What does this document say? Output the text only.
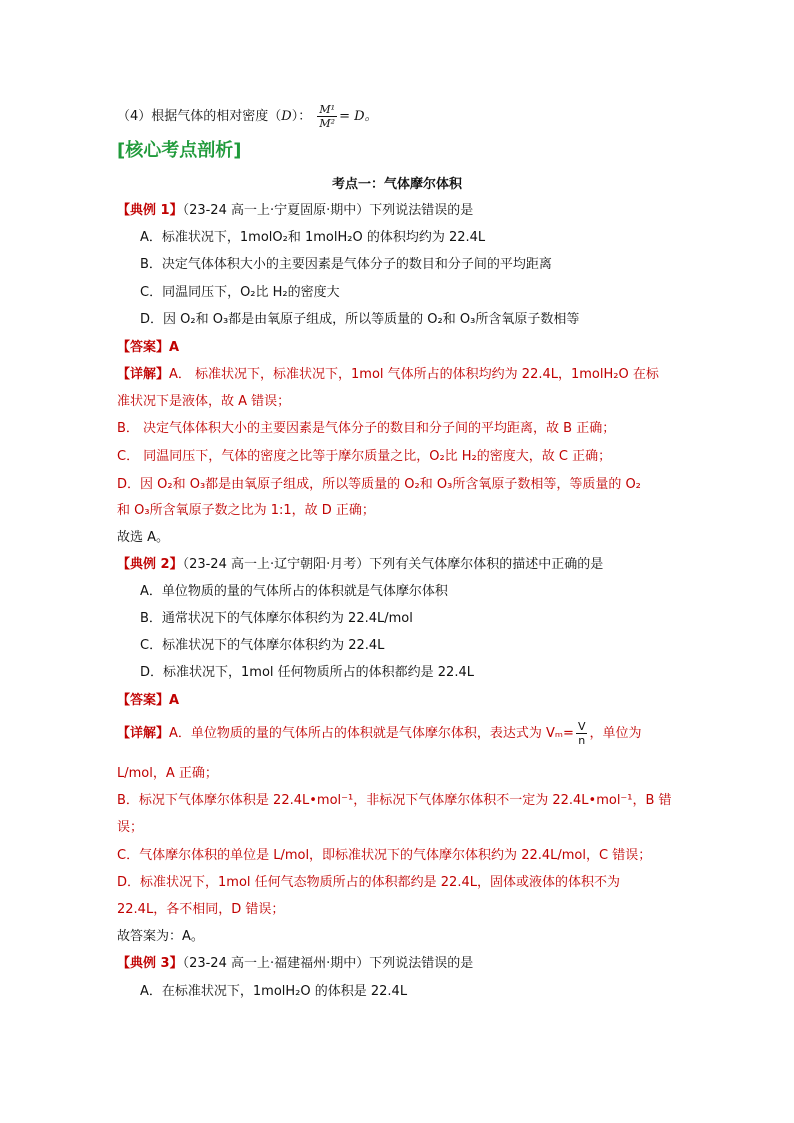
（4）根据气体的相对密度（D）： $\frac{\text{M¹}}{\text{M²}} = D$。
[核心考点剖析]
考点一：气体摩尔体积
【典例 1】（23-24 高一上·宁夏固原·期中）下列说法错误的是
A．标准状况下，1molO₂和 1molH₂O 的体积均约为 22.4L
B．决定气体体积大小的主要因素是气体分子的数目和分子间的平均距离
C．同温同压下，O₂比 H₂的密度大
D．因 O₂和 O₃都是由氧原子组成，所以等质量的 O₂和 O₃所含氧原子数相等
【答案】A
【详解】A． 标准状况下，标准状况下，1mol 气体所占的体积均约为 22.4L，1molH₂O 在标
准状况下是液体，故 A 错误；
B． 决定气体体积大小的主要因素是气体分子的数目和分子间的平均距离，故 B 正确；
C． 同温同压下，气体的密度之比等于摩尔质量之比，O₂比 H₂的密度大，故 C 正确；
D．因 O₂和 O₃都是由氧原子组成，所以等质量的 O₂和 O₃所含氧原子数相等，等质量的 O₂
和 O₃所含氧原子数之比为 1:1，故 D 正确；
故选 A。
【典例 2】（23-24 高一上·辽宁朝阳·月考）下列有关气体摩尔体积的描述中正确的是
A．单位物质的量的气体所占的体积就是气体摩尔体积
B．通常状况下的气体摩尔体积约为 22.4L/mol
C．标准状况下的气体摩尔体积约为 22.4L
D．标准状况下，1mol 任何物质所占的体积都约是 22.4L
【答案】A
【详解】A．单位物质的量的气体所占的体积就是气体摩尔体积，表达式为 $V_m= \frac{V}{n}$ ，单位为
L/mol，A 正确；
B．标况下气体摩尔体积是 22.4L•mol⁻¹，非标况下气体摩尔体积不一定为 22.4L•mol⁻¹，B 错
误；
C．气体摩尔体积的单位是 L/mol，即标准状况下的气体摩尔体积约为 22.4L/mol，C 错误；
D．标准状况下，1mol 任何气态物质所占的体积都约是 22.4L，固体或液体的体积不为
22.4L，各不相同，D 错误；
故答案为：A。
【典例 3】（23-24 高一上·福建福州·期中）下列说法错误的是
A．在标准状况下，1molH₂O 的体积是 22.4L
